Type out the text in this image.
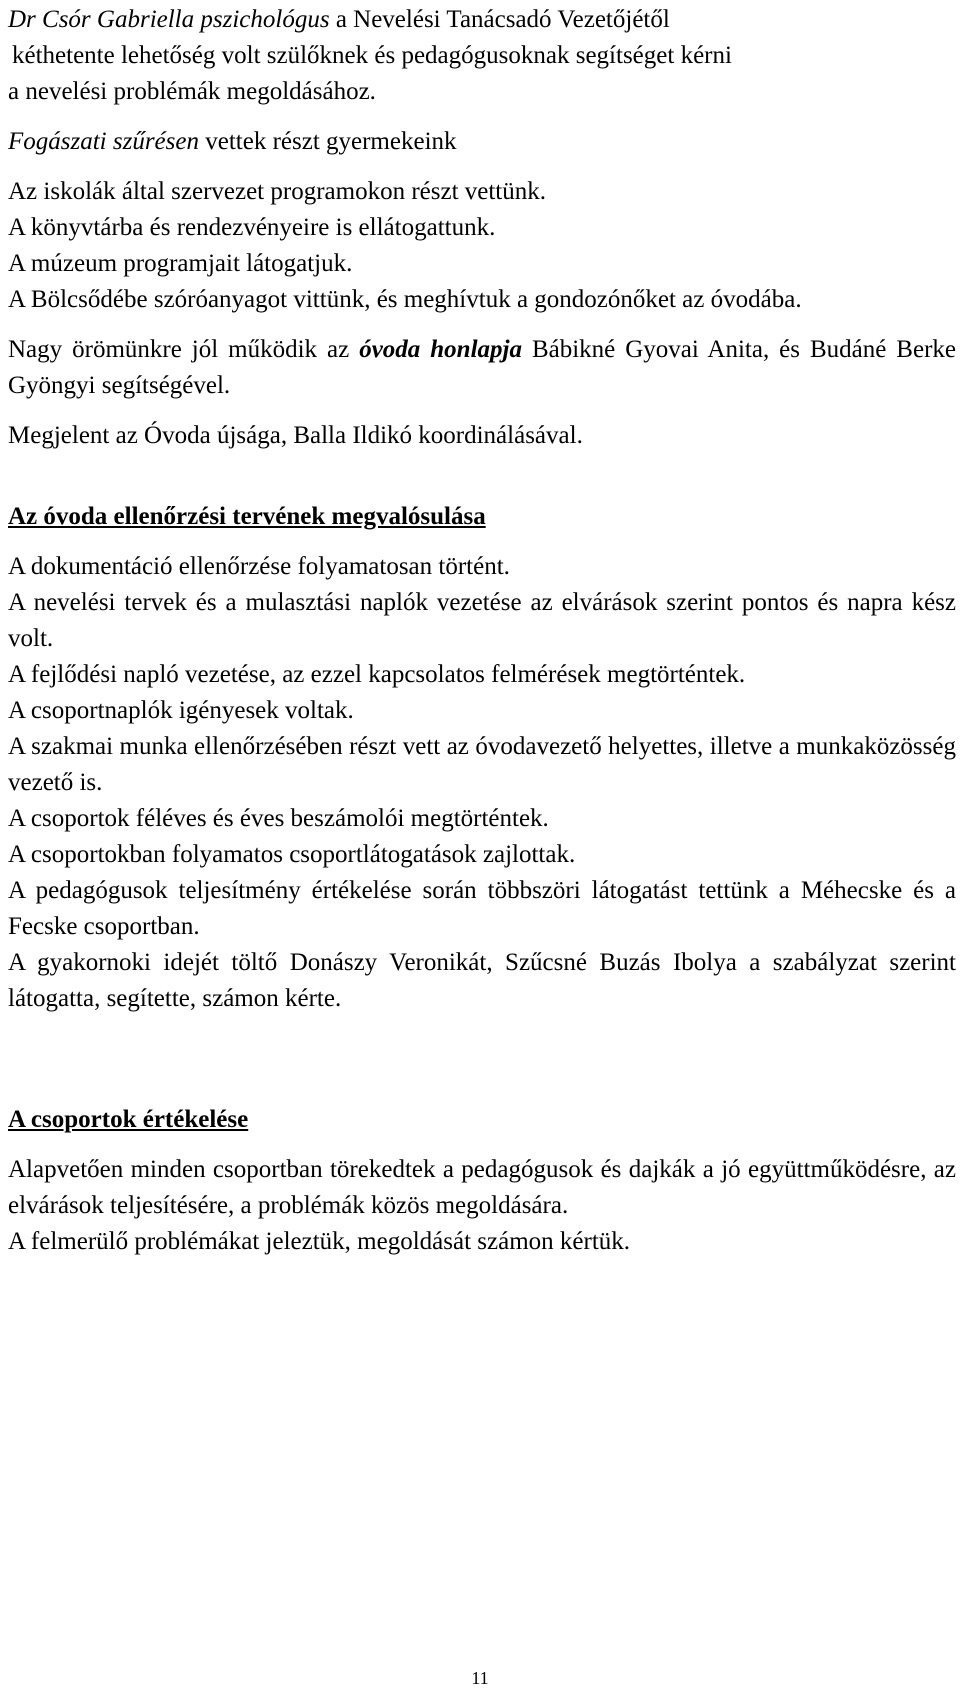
Dr Csór Gabriella pszichológus a Nevelési Tanácsadó Vezetőjétől
kéthetente lehetőség volt szülőknek és pedagógusoknak segítséget kérni
a nevelési problémák megoldásához.

Fogászati szűrésen vettek részt gyermekeink

Az iskolák által szervezet programokon részt vettünk.

A könyvtárba és rendezvényeire is ellátogattunk.

A múzeum programjait látogatjuk.

A Bölcsődébe szóróanyagot vittünk, és meghívtuk a gondozónőket az óvodába.

Nagy örömünkre jól működik az óvoda honlapja Bábikné Gyovai Anita, és Budáné Berke Gyöngyi segítségével.

Megjelent az Óvoda újsága, Balla Ildikó koordinálásával.

Az óvoda ellenőrzési tervének megvalósulása

A dokumentáció ellenőrzése folyamatosan történt.

A nevelési tervek és a mulasztási naplók vezetése az elvárások szerint pontos és napra kész volt.

A fejlődési napló vezetése, az ezzel kapcsolatos felmérések megtörténtek.

A csoportnaplók igényesek voltak.

A szakmai munka ellenőrzésében részt vett az óvodavezető helyettes, illetve a munkaközösség vezető is.

A csoportok féléves és éves beszámolói megtörténtek.

A csoportokban folyamatos csoportlátogatások zajlottak.

A pedagógusok teljesítmény értékelése során többszöri látogatást tettünk a Méhecske és a Fecske csoportban.

A gyakornoki idejét töltő Donászy Veronikát, Szűcsné Buzás Ibolya a szabályzat szerint látogatta, segítette, számon kérte.

A csoportok értékelése

Alapvetően minden csoportban törekedtek a pedagógusok és dajkák a jó együttműködésre, az elvárások teljesítésére, a problémák közös megoldására.

A felmerülő problémákat jeleztük, megoldását számon kértük.

11
